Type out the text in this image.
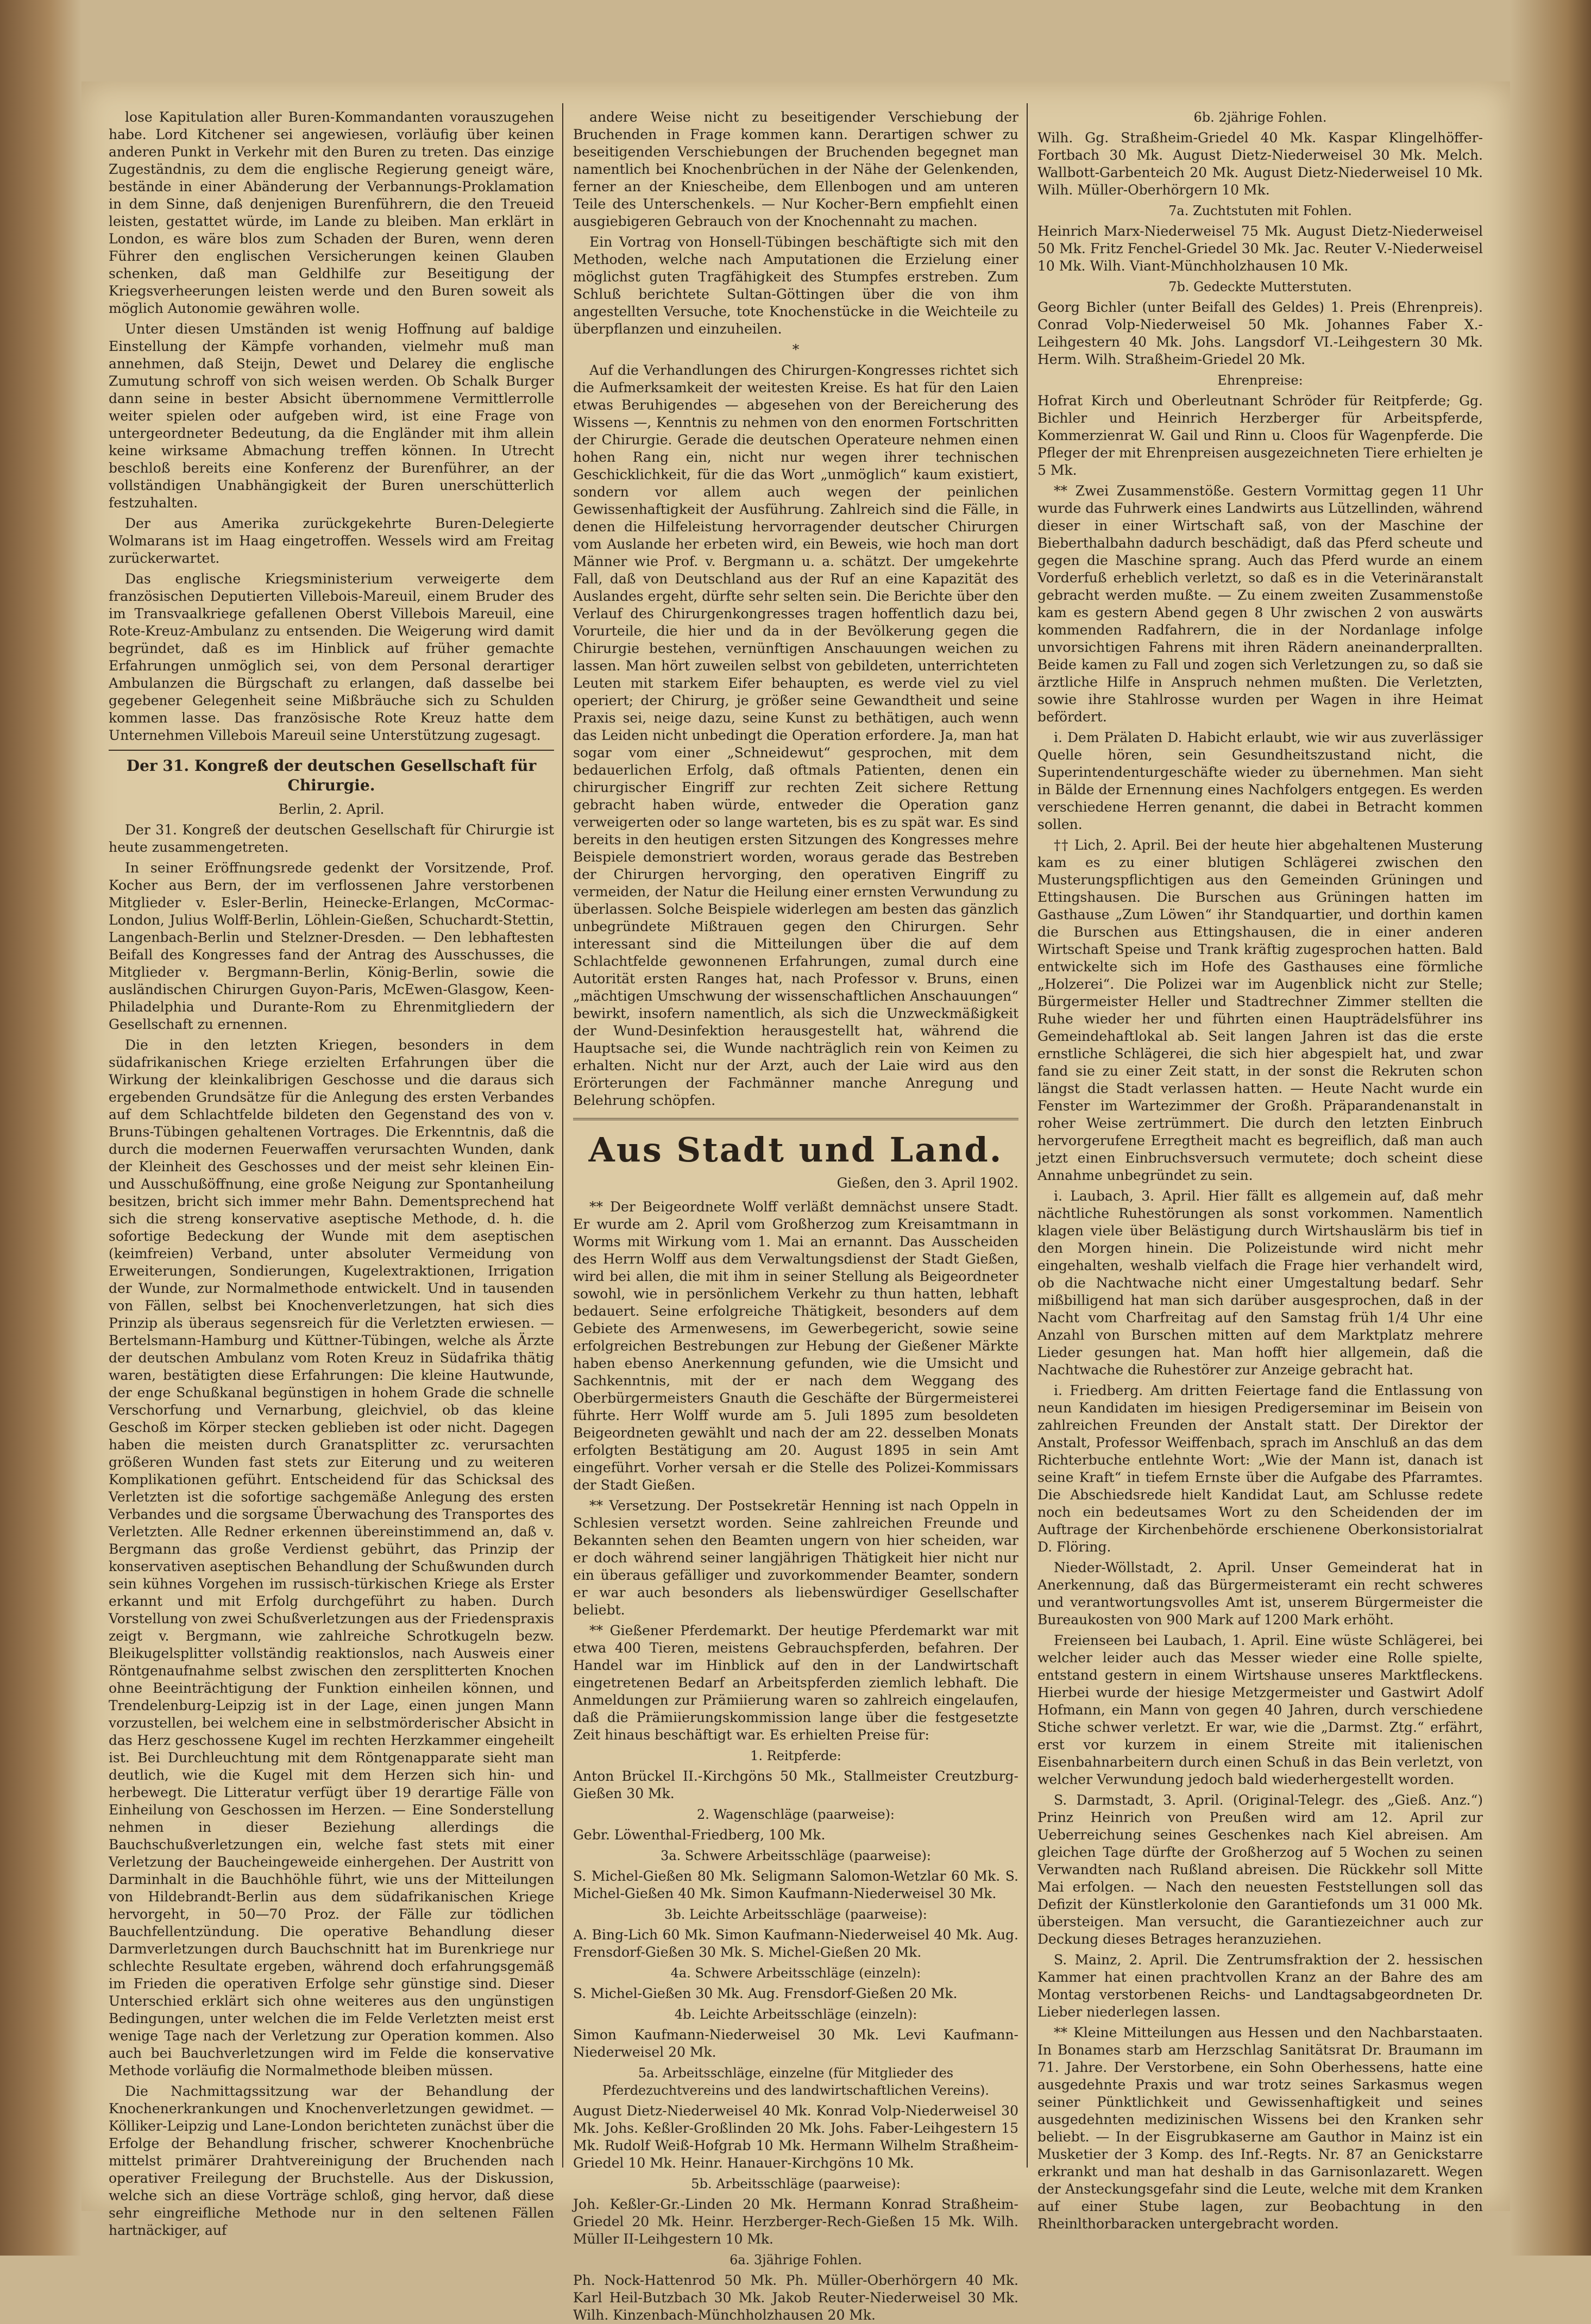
lose Kapitulation aller Buren-Kommandanten vorauszugehen habe. Lord Kitchener sei angewiesen, vorläufig über keinen anderen Punkt in Verkehr mit den Buren zu treten. Das einzige Zugeständnis, zu dem die englische Regierung geneigt wäre, bestände in einer Abänderung der Verbannungs-Proklamation in dem Sinne, daß denjenigen Burenführern, die den Treueid leisten, gestattet würde, im Lande zu bleiben. Man erklärt in London, es wäre blos zum Schaden der Buren, wenn deren Führer den englischen Versicherungen keinen Glauben schenken, daß man Geldhilfe zur Beseitigung der Kriegsverheerungen leisten werde und den Buren soweit als möglich Autonomie gewähren wolle.

Unter diesen Umständen ist wenig Hoffnung auf baldige Einstellung der Kämpfe vorhanden, vielmehr muß man annehmen, daß Steijn, Dewet und Delarey die englische Zumutung schroff von sich weisen werden. Ob Schalk Burger dann seine in bester Absicht übernommene Vermittlerrolle weiter spielen oder aufgeben wird, ist eine Frage von untergeordneter Bedeutung, da die Engländer mit ihm allein keine wirksame Abmachung treffen können. In Utrecht beschloß bereits eine Konferenz der Burenführer, an der vollständigen Unabhängigkeit der Buren unerschütterlich festzuhalten.

Der aus Amerika zurückgekehrte Buren-Delegierte Wolmarans ist im Haag eingetroffen. Wessels wird am Freitag zurückerwartet.

Das englische Kriegsministerium verweigerte dem französischen Deputierten Villebois-Mareuil, einem Bruder des im Transvaalkriege gefallenen Oberst Villebois Mareuil, eine Rote-Kreuz-Ambulanz zu entsenden. Die Weigerung wird damit begründet, daß es im Hinblick auf früher gemachte Erfahrungen unmöglich sei, von dem Personal derartiger Ambulanzen die Bürgschaft zu erlangen, daß dasselbe bei gegebener Gelegenheit seine Mißbräuche sich zu Schulden kommen lasse. Das französische Rote Kreuz hatte dem Unternehmen Villebois Mareuil seine Unterstützung zugesagt.

Der 31. Kongreß der deutschen Gesellschaft für Chirurgie.

Berlin, 2. April.

Der 31. Kongreß der deutschen Gesellschaft für Chirurgie ist heute zusammengetreten.

In seiner Eröffnungsrede gedenkt der Vorsitzende, Prof. Kocher aus Bern, der im verflossenen Jahre verstorbenen Mitglieder v. Esler-Berlin, Heinecke-Erlangen, McCormac-London, Julius Wolff-Berlin, Löhlein-Gießen, Schuchardt-Stettin, Langenbach-Berlin und Stelzner-Dresden. — Den lebhaftesten Beifall des Kongresses fand der Antrag des Ausschusses, die Mitglieder v. Bergmann-Berlin, König-Berlin, sowie die ausländischen Chirurgen Guyon-Paris, McEwen-Glasgow, Keen-Philadelphia und Durante-Rom zu Ehrenmitgliedern der Gesellschaft zu ernennen.

Die in den letzten Kriegen, besonders in dem südafrikanischen Kriege erzielten Erfahrungen über die Wirkung der kleinkalibrigen Geschosse und die daraus sich ergebenden Grundsätze für die Anlegung des ersten Verbandes auf dem Schlachtfelde bildeten den Gegenstand des von v. Bruns-Tübingen gehaltenen Vortrages. Die Erkenntnis, daß die durch die modernen Feuerwaffen verursachten Wunden, dank der Kleinheit des Geschosses und der meist sehr kleinen Ein- und Ausschußöffnung, eine große Neigung zur Spontanheilung besitzen, bricht sich immer mehr Bahn. Dementsprechend hat sich die streng konservative aseptische Methode, d. h. die sofortige Bedeckung der Wunde mit dem aseptischen (keimfreien) Verband, unter absoluter Vermeidung von Erweiterungen, Sondierungen, Kugelextraktionen, Irrigation der Wunde, zur Normalmethode entwickelt. Und in tausenden von Fällen, selbst bei Knochenverletzungen, hat sich dies Prinzip als überaus segensreich für die Verletzten erwiesen. — Bertelsmann-Hamburg und Küttner-Tübingen, welche als Ärzte der deutschen Ambulanz vom Roten Kreuz in Südafrika thätig waren, bestätigten diese Erfahrungen: Die kleine Hautwunde, der enge Schußkanal begünstigen in hohem Grade die schnelle Verschorfung und Vernarbung, gleichviel, ob das kleine Geschoß im Körper stecken geblieben ist oder nicht. Dagegen haben die meisten durch Granatsplitter zc. verursachten größeren Wunden fast stets zur Eiterung und zu weiteren Komplikationen geführt. Entscheidend für das Schicksal des Verletzten ist die sofortige sachgemäße Anlegung des ersten Verbandes und die sorgsame Überwachung des Transportes des Verletzten. Alle Redner erkennen übereinstimmend an, daß v. Bergmann das große Verdienst gebührt, das Prinzip der konservativen aseptischen Behandlung der Schußwunden durch sein kühnes Vorgehen im russisch-türkischen Kriege als Erster erkannt und mit Erfolg durchgeführt zu haben. Durch Vorstellung von zwei Schußverletzungen aus der Friedenspraxis zeigt v. Bergmann, wie zahlreiche Schrotkugeln bezw. Bleikugelsplitter vollständig reaktionslos, nach Ausweis einer Röntgenaufnahme selbst zwischen den zersplitterten Knochen ohne Beeinträchtigung der Funktion einheilen können, und Trendelenburg-Leipzig ist in der Lage, einen jungen Mann vorzustellen, bei welchem eine in selbstmörderischer Absicht in das Herz geschossene Kugel im rechten Herzkammer eingeheilt ist. Bei Durchleuchtung mit dem Röntgenapparate sieht man deutlich, wie die Kugel mit dem Herzen sich hin- und herbewegt. Die Litteratur verfügt über 19 derartige Fälle von Einheilung von Geschossen im Herzen. — Eine Sonderstellung nehmen in dieser Beziehung allerdings die Bauchschußverletzungen ein, welche fast stets mit einer Verletzung der Baucheingeweide einhergehen. Der Austritt von Darminhalt in die Bauchhöhle führt, wie uns der Mitteilungen von Hildebrandt-Berlin aus dem südafrikanischen Kriege hervorgeht, in 50—70 Proz. der Fälle zur tödlichen Bauchfellentzündung. Die operative Behandlung dieser Darmverletzungen durch Bauchschnitt hat im Burenkriege nur schlechte Resultate ergeben, während doch erfahrungsgemäß im Frieden die operativen Erfolge sehr günstige sind. Dieser Unterschied erklärt sich ohne weiteres aus den ungünstigen Bedingungen, unter welchen die im Felde Verletzten meist erst wenige Tage nach der Verletzung zur Operation kommen. Also auch bei Bauchverletzungen wird im Felde die konservative Methode vorläufig die Normalmethode bleiben müssen.

Die Nachmittagssitzung war der Behandlung der Knochenerkrankungen und Knochenverletzungen gewidmet. — Kölliker-Leipzig und Lane-London berichteten zunächst über die Erfolge der Behandlung frischer, schwerer Knochenbrüche mittelst primärer Drahtvereinigung der Bruchenden nach operativer Freilegung der Bruchstelle. Aus der Diskussion, welche sich an diese Vorträge schloß, ging hervor, daß diese sehr eingreifliche Methode nur in den seltenen Fällen hartnäckiger, auf

andere Weise nicht zu beseitigender Verschiebung der Bruchenden in Frage kommen kann. Derartigen schwer zu beseitigenden Verschiebungen der Bruchenden begegnet man namentlich bei Knochenbrüchen in der Nähe der Gelenkenden, ferner an der Kniescheibe, dem Ellenbogen und am unteren Teile des Unterschenkels. — Nur Kocher-Bern empfiehlt einen ausgiebigeren Gebrauch von der Knochennaht zu machen.

Ein Vortrag von Honsell-Tübingen beschäftigte sich mit den Methoden, welche nach Amputationen die Erzielung einer möglichst guten Tragfähigkeit des Stumpfes erstreben. Zum Schluß berichtete Sultan-Göttingen über die von ihm angestellten Versuche, tote Knochenstücke in die Weichteile zu überpflanzen und einzuheilen.

*

Auf die Verhandlungen des Chirurgen-Kongresses richtet sich die Aufmerksamkeit der weitesten Kreise. Es hat für den Laien etwas Beruhigendes — abgesehen von der Bereicherung des Wissens —, Kenntnis zu nehmen von den enormen Fortschritten der Chirurgie. Gerade die deutschen Operateure nehmen einen hohen Rang ein, nicht nur wegen ihrer technischen Geschicklichkeit, für die das Wort „unmöglich“ kaum existiert, sondern vor allem auch wegen der peinlichen Gewissenhaftigkeit der Ausführung. Zahlreich sind die Fälle, in denen die Hilfeleistung hervorragender deutscher Chirurgen vom Auslande her erbeten wird, ein Beweis, wie hoch man dort Männer wie Prof. v. Bergmann u. a. schätzt. Der umgekehrte Fall, daß von Deutschland aus der Ruf an eine Kapazität des Auslandes ergeht, dürfte sehr selten sein. Die Berichte über den Verlauf des Chirurgenkongresses tragen hoffentlich dazu bei, Vorurteile, die hier und da in der Bevölkerung gegen die Chirurgie bestehen, vernünftigen Anschauungen weichen zu lassen. Man hört zuweilen selbst von gebildeten, unterrichteten Leuten mit starkem Eifer behaupten, es werde viel zu viel operiert; der Chirurg, je größer seine Gewandtheit und seine Praxis sei, neige dazu, seine Kunst zu bethätigen, auch wenn das Leiden nicht unbedingt die Operation erfordere. Ja, man hat sogar vom einer „Schneidewut“ gesprochen, mit dem bedauerlichen Erfolg, daß oftmals Patienten, denen ein chirurgischer Eingriff zur rechten Zeit sichere Rettung gebracht haben würde, entweder die Operation ganz verweigerten oder so lange warteten, bis es zu spät war. Es sind bereits in den heutigen ersten Sitzungen des Kongresses mehre Beispiele demonstriert worden, woraus gerade das Bestreben der Chirurgen hervorging, den operativen Eingriff zu vermeiden, der Natur die Heilung einer ernsten Verwundung zu überlassen. Solche Beispiele widerlegen am besten das gänzlich unbegründete Mißtrauen gegen den Chirurgen. Sehr interessant sind die Mitteilungen über die auf dem Schlachtfelde gewonnenen Erfahrungen, zumal durch eine Autorität ersten Ranges hat, nach Professor v. Bruns, einen „mächtigen Umschwung der wissenschaftlichen Anschauungen“ bewirkt, insofern namentlich, als sich die Unzweckmäßigkeit der Wund-Desinfektion herausgestellt hat, während die Hauptsache sei, die Wunde nachträglich rein von Keimen zu erhalten. Nicht nur der Arzt, auch der Laie wird aus den Erörterungen der Fachmänner manche Anregung und Belehrung schöpfen.

Aus Stadt und Land.
Gießen, den 3. April 1902.

** Der Beigeordnete Wolff verläßt demnächst unsere Stadt. Er wurde am 2. April vom Großherzog zum Kreisamtmann in Worms mit Wirkung vom 1. Mai an ernannt. Das Ausscheiden des Herrn Wolff aus dem Verwaltungsdienst der Stadt Gießen, wird bei allen, die mit ihm in seiner Stellung als Beigeordneter sowohl, wie in persönlichem Verkehr zu thun hatten, lebhaft bedauert. Seine erfolgreiche Thätigkeit, besonders auf dem Gebiete des Armenwesens, im Gewerbegericht, sowie seine erfolgreichen Bestrebungen zur Hebung der Gießener Märkte haben ebenso Anerkennung gefunden, wie die Umsicht und Sachkenntnis, mit der er nach dem Weggang des Oberbürgermeisters Gnauth die Geschäfte der Bürgermeisterei führte. Herr Wolff wurde am 5. Juli 1895 zum besoldeten Beigeordneten gewählt und nach der am 22. desselben Monats erfolgten Bestätigung am 20. August 1895 in sein Amt eingeführt. Vorher versah er die Stelle des Polizei-Kommissars der Stadt Gießen.

** Versetzung. Der Postsekretär Henning ist nach Oppeln in Schlesien versetzt worden. Seine zahlreichen Freunde und Bekannten sehen den Beamten ungern von hier scheiden, war er doch während seiner langjährigen Thätigkeit hier nicht nur ein überaus gefälliger und zuvorkommender Beamter, sondern er war auch besonders als liebenswürdiger Gesellschafter beliebt.

** Gießener Pferdemarkt. Der heutige Pferdemarkt war mit etwa 400 Tieren, meistens Gebrauchspferden, befahren. Der Handel war im Hinblick auf den in der Landwirtschaft eingetretenen Bedarf an Arbeitspferden ziemlich lebhaft. Die Anmeldungen zur Prämiierung waren so zahlreich eingelaufen, daß die Prämiierungskommission lange über die festgesetzte Zeit hinaus beschäftigt war. Es erhielten Preise für:

1. Reitpferde:

Anton Brückel II.-Kirchgöns 50 Mk., Stallmeister Creutzburg-Gießen 30 Mk.

2. Wagenschläge (paarweise):

Gebr. Löwenthal-Friedberg, 100 Mk.

3a. Schwere Arbeitsschläge (paarweise):

S. Michel-Gießen 80 Mk. Seligmann Salomon-Wetzlar 60 Mk. S. Michel-Gießen 40 Mk. Simon Kaufmann-Niederweisel 30 Mk.

3b. Leichte Arbeitsschläge (paarweise):

A. Bing-Lich 60 Mk. Simon Kaufmann-Niederweisel 40 Mk. Aug. Frensdorf-Gießen 30 Mk. S. Michel-Gießen 20 Mk.

4a. Schwere Arbeitsschläge (einzeln):

S. Michel-Gießen 30 Mk. Aug. Frensdorf-Gießen 20 Mk.

4b. Leichte Arbeitsschläge (einzeln):

Simon Kaufmann-Niederweisel 30 Mk. Levi Kaufmann-Niederweisel 20 Mk.

5a. Arbeitsschläge, einzelne (für Mitglieder des Pferdezuchtvereins und des landwirtschaftlichen Vereins).

August Dietz-Niederweisel 40 Mk. Konrad Volp-Niederweisel 30 Mk. Johs. Keßler-Großlinden 20 Mk. Johs. Faber-Leihgestern 15 Mk. Rudolf Weiß-Hofgrab 10 Mk. Hermann Wilhelm Straßheim-Griedel 10 Mk. Heinr. Hanauer-Kirchgöns 10 Mk.

5b. Arbeitsschläge (paarweise):

Joh. Keßler-Gr.-Linden 20 Mk. Hermann Konrad Straßheim-Griedel 20 Mk. Heinr. Herzberger-Rech-Gießen 15 Mk. Wilh. Müller II-Leihgestern 10 Mk.

6a. 3jährige Fohlen.

Ph. Nock-Hattenrod 50 Mk. Ph. Müller-Oberhörgern 40 Mk. Karl Heil-Butzbach 30 Mk. Jakob Reuter-Niederweisel 30 Mk. Wilh. Kinzenbach-Münchholzhausen 20 Mk.

6b. 2jährige Fohlen.

Wilh. Gg. Straßheim-Griedel 40 Mk. Kaspar Klingelhöffer-Fortbach 30 Mk. August Dietz-Niederweisel 30 Mk. Melch. Wallbott-Garbenteich 20 Mk. August Dietz-Niederweisel 10 Mk. Wilh. Müller-Oberhörgern 10 Mk.

7a. Zuchtstuten mit Fohlen.

Heinrich Marx-Niederweisel 75 Mk. August Dietz-Niederweisel 50 Mk. Fritz Fenchel-Griedel 30 Mk. Jac. Reuter V.-Niederweisel 10 Mk. Wilh. Viant-Münchholzhausen 10 Mk.

7b. Gedeckte Mutterstuten.

Georg Bichler (unter Beifall des Geldes) 1. Preis (Ehrenpreis). Conrad Volp-Niederweisel 50 Mk. Johannes Faber X.-Leihgestern 40 Mk. Johs. Langsdorf VI.-Leihgestern 30 Mk. Herm. Wilh. Straßheim-Griedel 20 Mk.

Ehrenpreise:

Hofrat Kirch und Oberleutnant Schröder für Reitpferde; Gg. Bichler und Heinrich Herzberger für Arbeitspferde, Kommerzienrat W. Gail und Rinn u. Cloos für Wagenpferde. Die Pfleger der mit Ehrenpreisen ausgezeichneten Tiere erhielten je 5 Mk.

** Zwei Zusammenstöße. Gestern Vormittag gegen 11 Uhr wurde das Fuhrwerk eines Landwirts aus Lützellinden, während dieser in einer Wirtschaft saß, von der Maschine der Bieberthalbahn dadurch beschädigt, daß das Pferd scheute und gegen die Maschine sprang. Auch das Pferd wurde an einem Vorderfuß erheblich verletzt, so daß es in die Veterinäranstalt gebracht werden mußte. — Zu einem zweiten Zusammenstoße kam es gestern Abend gegen 8 Uhr zwischen 2 von auswärts kommenden Radfahrern, die in der Nordanlage infolge unvorsichtigen Fahrens mit ihren Rädern aneinanderprallten. Beide kamen zu Fall und zogen sich Verletzungen zu, so daß sie ärztliche Hilfe in Anspruch nehmen mußten. Die Verletzten, sowie ihre Stahlrosse wurden per Wagen in ihre Heimat befördert.

i. Dem Prälaten D. Habicht erlaubt, wie wir aus zuverlässiger Quelle hören, sein Gesundheitszustand nicht, die Superintendenturgeschäfte wieder zu übernehmen. Man sieht in Bälde der Ernennung eines Nachfolgers entgegen. Es werden verschiedene Herren genannt, die dabei in Betracht kommen sollen.

†† Lich, 2. April. Bei der heute hier abgehaltenen Musterung kam es zu einer blutigen Schlägerei zwischen den Musterungspflichtigen aus den Gemeinden Grüningen und Ettingshausen. Die Burschen aus Grüningen hatten im Gasthause „Zum Löwen“ ihr Standquartier, und dorthin kamen die Burschen aus Ettingshausen, die in einer anderen Wirtschaft Speise und Trank kräftig zugesprochen hatten. Bald entwickelte sich im Hofe des Gasthauses eine förmliche „Holzerei“. Die Polizei war im Augenblick nicht zur Stelle; Bürgermeister Heller und Stadtrechner Zimmer stellten die Ruhe wieder her und führten einen Haupträdelsführer ins Gemeindehaftlokal ab. Seit langen Jahren ist das die erste ernstliche Schlägerei, die sich hier abgespielt hat, und zwar fand sie zu einer Zeit statt, in der sonst die Rekruten schon längst die Stadt verlassen hatten. — Heute Nacht wurde ein Fenster im Wartezimmer der Großh. Präparandenanstalt in roher Weise zertrümmert. Die durch den letzten Einbruch hervorgerufene Erregtheit macht es begreiflich, daß man auch jetzt einen Einbruchsversuch vermutete; doch scheint diese Annahme unbegründet zu sein.

i. Laubach, 3. April. Hier fällt es allgemein auf, daß mehr nächtliche Ruhestörungen als sonst vorkommen. Namentlich klagen viele über Belästigung durch Wirtshauslärm bis tief in den Morgen hinein. Die Polizeistunde wird nicht mehr eingehalten, weshalb vielfach die Frage hier verhandelt wird, ob die Nachtwache nicht einer Umgestaltung bedarf. Sehr mißbilligend hat man sich darüber ausgesprochen, daß in der Nacht vom Charfreitag auf den Samstag früh 1/4 Uhr eine Anzahl von Burschen mitten auf dem Marktplatz mehrere Lieder gesungen hat. Man hofft hier allgemein, daß die Nachtwache die Ruhestörer zur Anzeige gebracht hat.

i. Friedberg. Am dritten Feiertage fand die Entlassung von neun Kandidaten im hiesigen Predigerseminar im Beisein von zahlreichen Freunden der Anstalt statt. Der Direktor der Anstalt, Professor Weiffenbach, sprach im Anschluß an das dem Richterbuche entlehnte Wort: „Wie der Mann ist, danach ist seine Kraft“ in tiefem Ernste über die Aufgabe des Pfarramtes. Die Abschiedsrede hielt Kandidat Laut, am Schlusse redete noch ein bedeutsames Wort zu den Scheidenden der im Auftrage der Kirchenbehörde erschienene Oberkonsistorialrat D. Flöring.

Nieder-Wöllstadt, 2. April. Unser Gemeinderat hat in Anerkennung, daß das Bürgermeisteramt ein recht schweres und verantwortungsvolles Amt ist, unserem Bürgermeister die Bureaukosten von 900 Mark auf 1200 Mark erhöht.

Freienseen bei Laubach, 1. April. Eine wüste Schlägerei, bei welcher leider auch das Messer wieder eine Rolle spielte, entstand gestern in einem Wirtshause unseres Marktfleckens. Hierbei wurde der hiesige Metzgermeister und Gastwirt Adolf Hofmann, ein Mann von gegen 40 Jahren, durch verschiedene Stiche schwer verletzt. Er war, wie die „Darmst. Ztg.“ erfährt, erst vor kurzem in einem Streite mit italienischen Eisenbahnarbeitern durch einen Schuß in das Bein verletzt, von welcher Verwundung jedoch bald wiederhergestellt worden.

S. Darmstadt, 3. April. (Original-Telegr. des „Gieß. Anz.“) Prinz Heinrich von Preußen wird am 12. April zur Ueberreichung seines Geschenkes nach Kiel abreisen. Am gleichen Tage dürfte der Großherzog auf 5 Wochen zu seinen Verwandten nach Rußland abreisen. Die Rückkehr soll Mitte Mai erfolgen. — Nach den neuesten Feststellungen soll das Defizit der Künstlerkolonie den Garantiefonds um 31 000 Mk. übersteigen. Man versucht, die Garantiezeichner auch zur Deckung dieses Betrages heranzuziehen.

S. Mainz, 2. April. Die Zentrumsfraktion der 2. hessischen Kammer hat einen prachtvollen Kranz an der Bahre des am Montag verstorbenen Reichs- und Landtagsabgeordneten Dr. Lieber niederlegen lassen.

** Kleine Mitteilungen aus Hessen und den Nachbarstaaten. In Bonames starb am Herzschlag Sanitätsrat Dr. Braumann im 71. Jahre. Der Verstorbene, ein Sohn Oberhessens, hatte eine ausgedehnte Praxis und war trotz seines Sarkasmus wegen seiner Pünktlichkeit und Gewissenhaftigkeit und seines ausgedehnten medizinischen Wissens bei den Kranken sehr beliebt. — In der Eisgrubkaserne am Gauthor in Mainz ist ein Musketier der 3 Komp. des Inf.-Regts. Nr. 87 an Genickstarre erkrankt und man hat deshalb in das Garnisonlazarett. Wegen der Ansteckungsgefahr sind die Leute, welche mit dem Kranken auf einer Stube lagen, zur Beobachtung in den Rheinlthorbaracken untergebracht worden.
